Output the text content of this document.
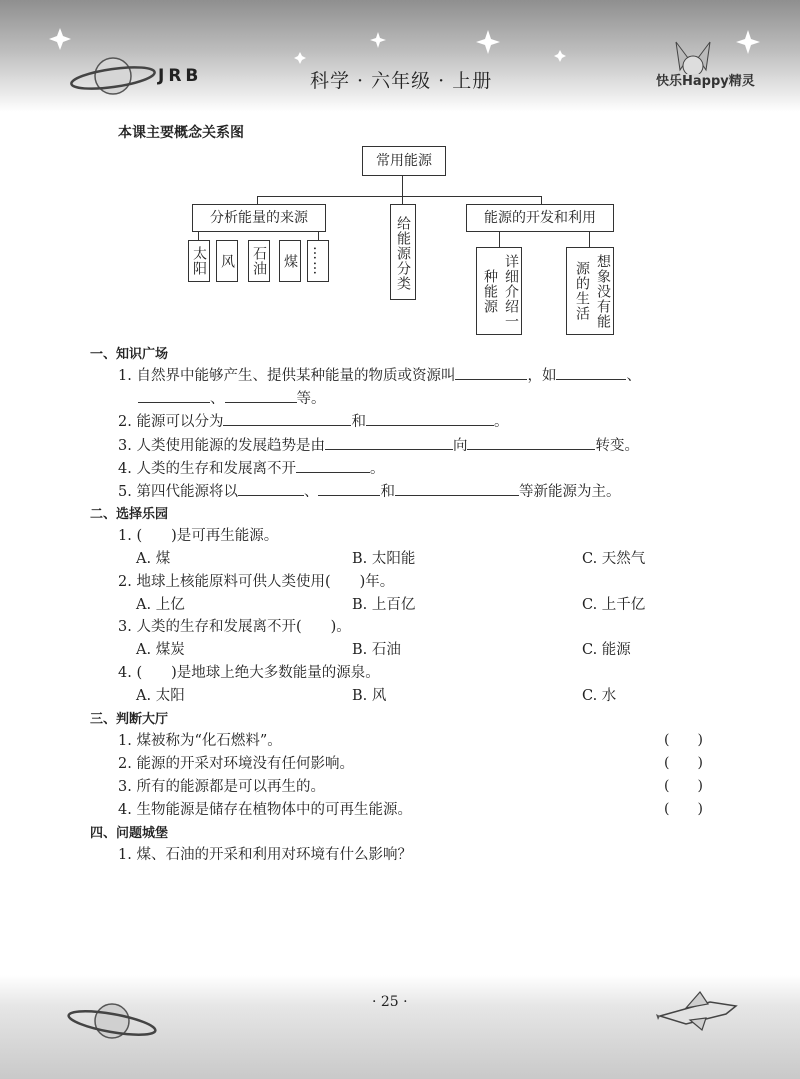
JRB	科学 · 六年级 · 上册	快乐Happy精灵
本课主要概念关系图
常用能源
分析能量的来源	给能源分类	能源的开发和利用
太阳 风 石油 煤 ……	详细介绍一种能源	想象没有能源的生活
一、知识广场
1. 自然界中能够产生、提供某种能量的物质或资源叫	，如	、
、	等。
2. 能源可以分为	和	。
3. 人类使用能源的发展趋势是由	向	转变。
4. 人类的生存和发展离不开	。
5. 第四代能源将以	、	和	等新能源为主。
二、选择乐园
1. (　　)是可再生能源。
A. 煤	B. 太阳能	C. 天然气
2. 地球上核能原料可供人类使用(　　)年。
A. 上亿	B. 上百亿	C. 上千亿
3. 人类的生存和发展离不开(　　)。
A. 煤炭	B. 石油	C. 能源
4. (　　)是地球上绝大多数能量的源泉。
A. 太阳	B. 风	C. 水
三、判断大厅
1. 煤被称为“化石燃料”。	(　　)
2. 能源的开采对环境没有任何影响。	(　　)
3. 所有的能源都是可以再生的。	(　　)
4. 生物能源是储存在植物体中的可再生能源。	(　　)
四、问题城堡
1. 煤、石油的开采和利用对环境有什么影响？
· 25 ·
